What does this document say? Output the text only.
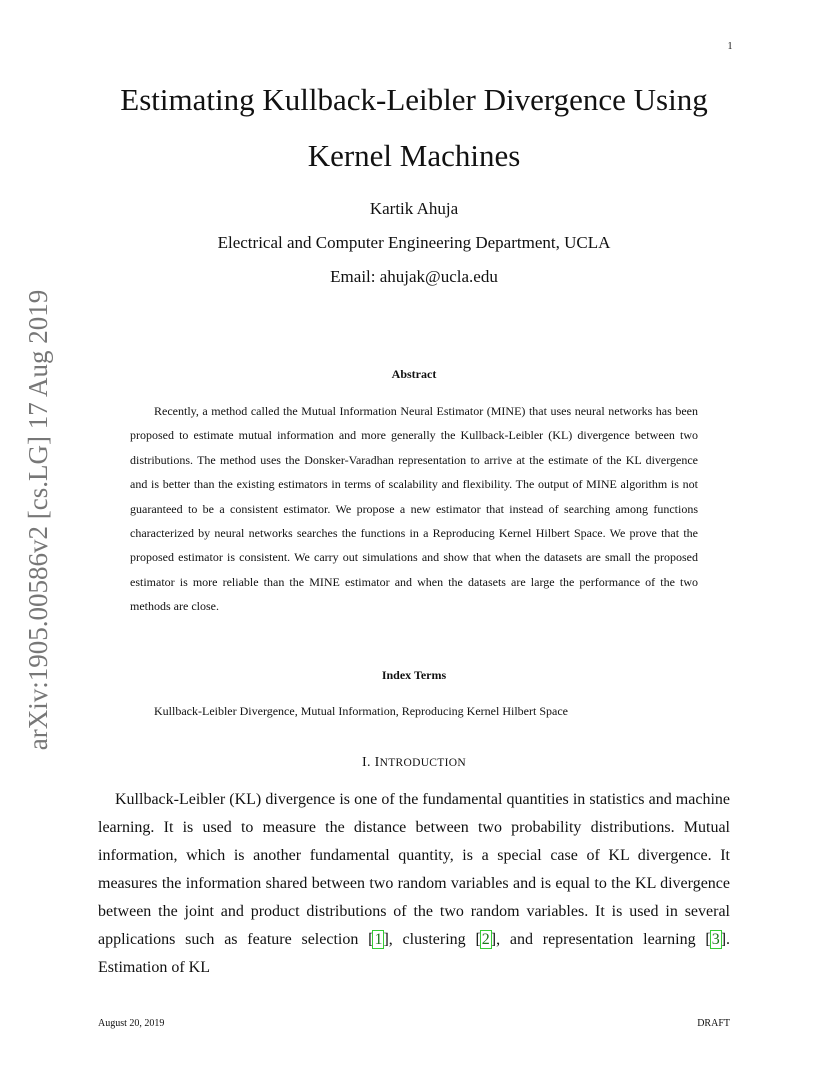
1
arXiv:1905.00586v2 [cs.LG] 17 Aug 2019
Estimating Kullback-Leibler Divergence Using Kernel Machines
Kartik Ahuja
Electrical and Computer Engineering Department, UCLA
Email: ahujak@ucla.edu
Abstract

Recently, a method called the Mutual Information Neural Estimator (MINE) that uses neural networks has been proposed to estimate mutual information and more generally the Kullback-Leibler (KL) divergence between two distributions. The method uses the Donsker-Varadhan representation to arrive at the estimate of the KL divergence and is better than the existing estimators in terms of scalability and flexibility. The output of MINE algorithm is not guaranteed to be a consistent estimator. We propose a new estimator that instead of searching among functions characterized by neural networks searches the functions in a Reproducing Kernel Hilbert Space. We prove that the proposed estimator is consistent. We carry out simulations and show that when the datasets are small the proposed estimator is more reliable than the MINE estimator and when the datasets are large the performance of the two methods are close.

Index Terms

Kullback-Leibler Divergence, Mutual Information, Reproducing Kernel Hilbert Space

I. INTRODUCTION

Kullback-Leibler (KL) divergence is one of the fundamental quantities in statistics and machine learning. It is used to measure the distance between two probability distributions. Mutual information, which is another fundamental quantity, is a special case of KL divergence. It measures the information shared between two random variables and is equal to the KL divergence between the joint and product distributions of the two random variables. It is used in several applications such as feature selection [1], clustering [2], and representation learning [3]. Estimation of KL

August 20, 2019	DRAFT
